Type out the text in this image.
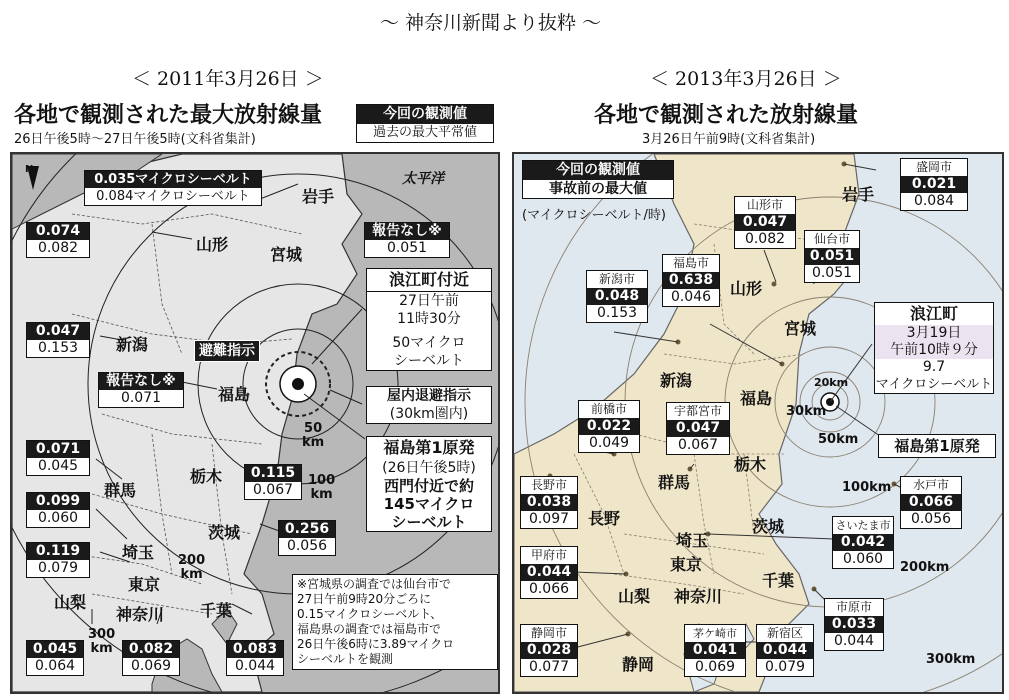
～ 神奈川新聞より抜粋 ～
＜ 2011年3月26日 ＞
各地で観測された最大放射線量
26日午後5時～27日午後5時(文科省集計)
今回の観測値
過去の最大平常値
N
太平洋
0.035マイクロシーベルト
0.084マイクロシーベルト	岩手
山形
宮城
新潟
福島
群馬
栃木
茨城
埼玉
東京
山梨
神奈川 千葉
0.074
0.082
報告なし※
0.051
0.047
0.153
報告なし※
0.071
0.071
0.045	0.115
0.067
0.099
0.060
0.256
0.056
0.119
0.079
0.045
0.064
0.082
0.069
0.083
0.044
浪江町付近
27日午前
11時30分
50マイクロ
シーベルト
避難指示
屋内退避指示
(30km圏内)
福島第1原発
(26日午後5時)
西門付近で約
145マイクロ
シーベルト
50
km
100
km
200
km
300
km
※宮城県の調査では仙台市で
27日午前9時20分ごろに
0.15マイクロシーベルト、
福島県の調査では福島市で
26日午後6時に3.89マイクロ
シーベルトを観測
＜ 2013年3月26日 ＞
各地で観測された放射線量
3月26日午前9時(文科省集計)
今回の観測値
事故前の最大値
(マイクロシーベルト/時)
岩手
山形
宮城
新潟
福島
群馬
栃木
長野
埼玉
茨城
東京
山梨 神奈川
千葉
静岡
盛岡市
0.021
0.084
山形市
0.047
0.082	仙台市
0.051
0.051
新潟市
0.048
0.153
福島市
0.638
0.046
前橋市
0.022
0.049
宇都宮市
0.047
0.067
長野市
0.038
0.097
水戸市
0.066
0.056
さいたま市
0.042
0.060
甲府市
0.044
0.066
市原市
0.033
0.044
静岡市
0.028
0.077
茅ケ崎市
0.041
0.069
新宿区
0.044
0.079
浪江町
3月19日
午前10時９分
9.7
マイクロシーベルト
福島第1原発
20km
30km
50km
100km
200km
300km
